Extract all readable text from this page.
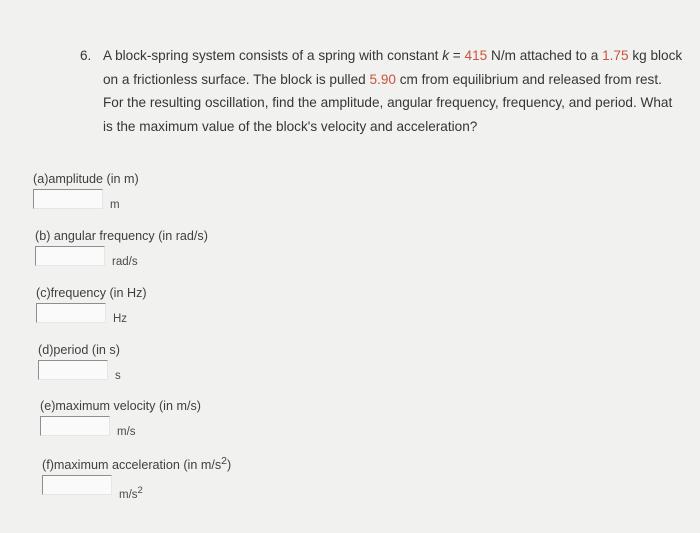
6. A block-spring system consists of a spring with constant k = 415 N/m attached to a 1.75 kg block on a frictionless surface. The block is pulled 5.90 cm from equilibrium and released from rest. For the resulting oscillation, find the amplitude, angular frequency, frequency, and period. What is the maximum value of the block's velocity and acceleration?
(a)amplitude (in m)
m
(b) angular frequency (in rad/s)
rad/s
(c)frequency (in Hz)
Hz
(d)period (in s)
s
(e)maximum velocity (in m/s)
m/s
(f)maximum acceleration (in $m/s^2$)
$m/s^2$
